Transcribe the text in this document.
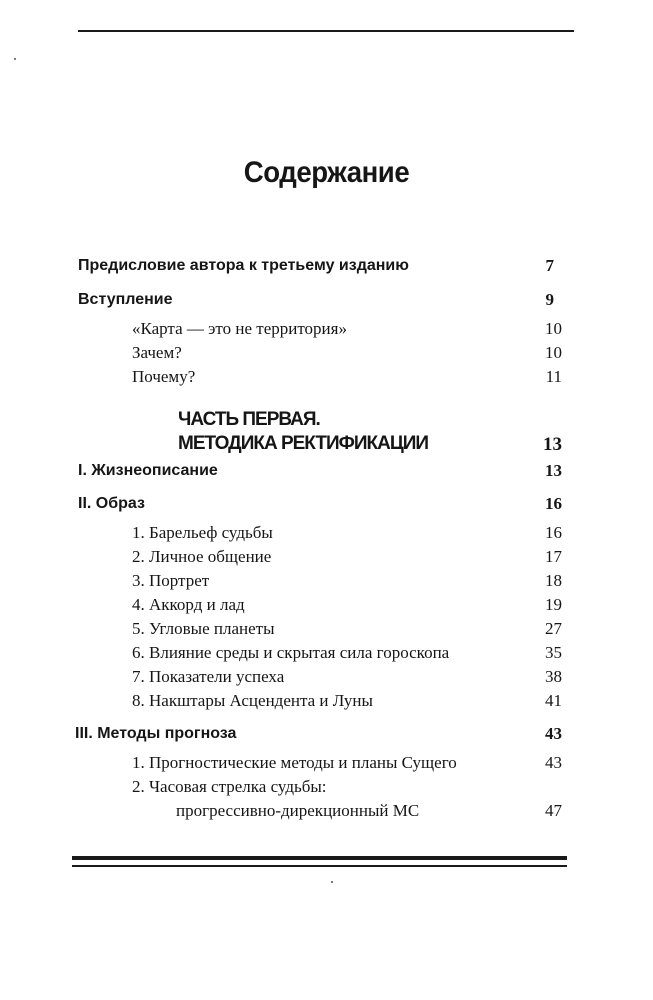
Содержание
Предисловие автора к третьему изданию	7
Вступление	9
«Карта — это не территория»	10
Зачем?	10
Почему?	11
ЧАСТЬ ПЕРВАЯ.
МЕТОДИКА РЕКТИФИКАЦИИ	13
I. Жизнеописание	13
II. Образ	16
1. Барельеф судьбы	16
2. Личное общение	17
3. Портрет	18
4. Аккорд и лад	19
5. Угловые планеты	27
6. Влияние среды и скрытая сила гороскопа	35
7. Показатели успеха	38
8. Накштары Асцендента и Луны	41
III. Методы прогноза	43
1. Прогностические методы и планы Сущего	43
2. Часовая стрелка судьбы:
прогрессивно-дирекционный МС	47
